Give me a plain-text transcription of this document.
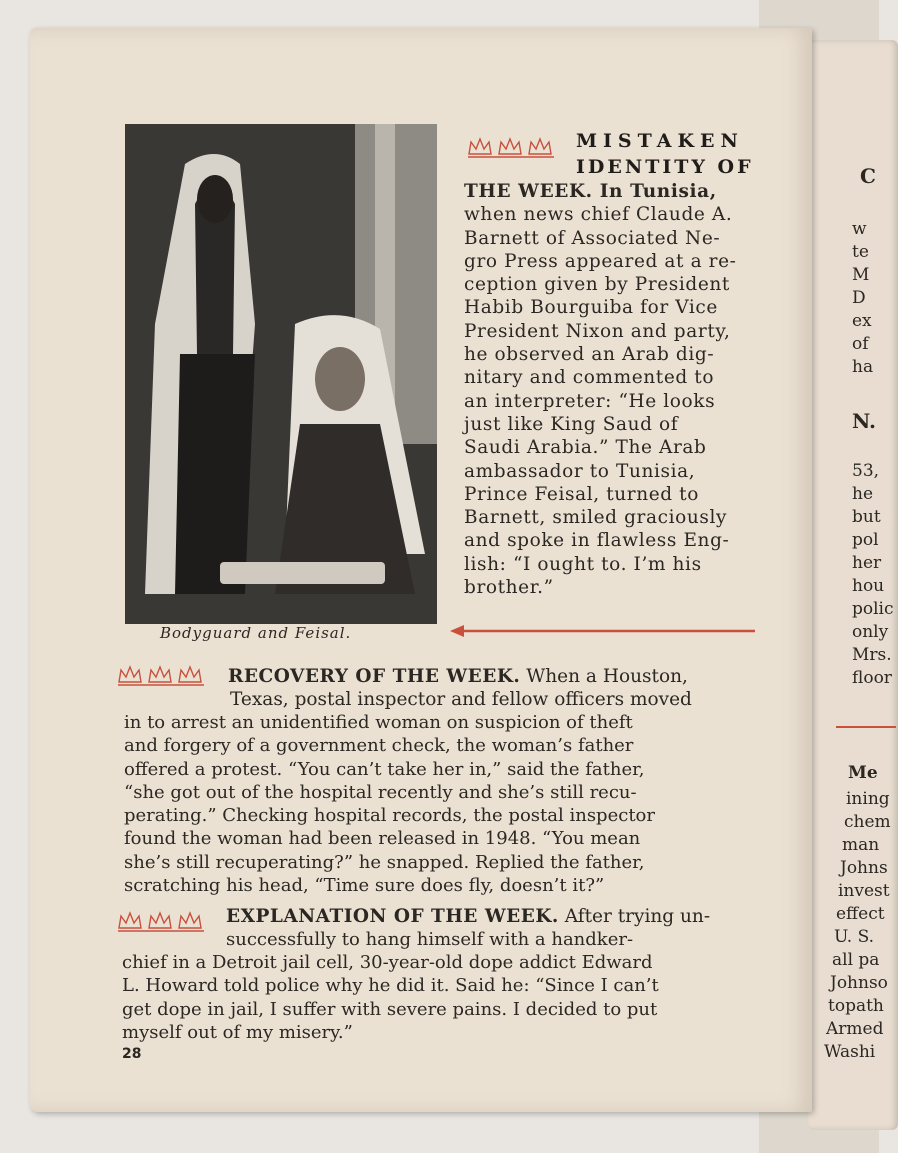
C
w
te
M
D
ex
of
ha
N.
53,
he
but
pol
her
hou
polic
only
Mrs.
floor
Me
ining
chem
man
Johns
invest
effect
U. S.
all pa
Johnso
topath
Armed
Washi
Bodyguard and Feisal.
MISTAKEN
IDENTITY OF
THE WEEK. In Tunisia,
when news chief Claude A.
Barnett of Associated Ne-
gro Press appeared at a re-
ception given by President
Habib Bourguiba for Vice
President Nixon and party,
he observed an Arab dig-
nitary and commented to
an interpreter: “He looks
just like King Saud of
Saudi Arabia.” The Arab
ambassador to Tunisia,
Prince Feisal, turned to
Barnett, smiled graciously
and spoke in flawless Eng-
lish: “I ought to. I’m his
brother.”
RECOVERY OF THE WEEK. When a Houston,
Texas, postal inspector and fellow officers moved
in to arrest an unidentified woman on suspicion of theft
and forgery of a government check, the woman’s father
offered a protest. “You can’t take her in,” said the father,
“she got out of the hospital recently and she’s still recu-
perating.” Checking hospital records, the postal inspector
found the woman had been released in 1948. “You mean
she’s still recuperating?” he snapped. Replied the father,
scratching his head, “Time sure does fly, doesn’t it?”
EXPLANATION OF THE WEEK. After trying un-
successfully to hang himself with a handker-
chief in a Detroit jail cell, 30-year-old dope addict Edward
L. Howard told police why he did it. Said he: “Since I can’t
get dope in jail, I suffer with severe pains. I decided to put
myself out of my misery.”
28
